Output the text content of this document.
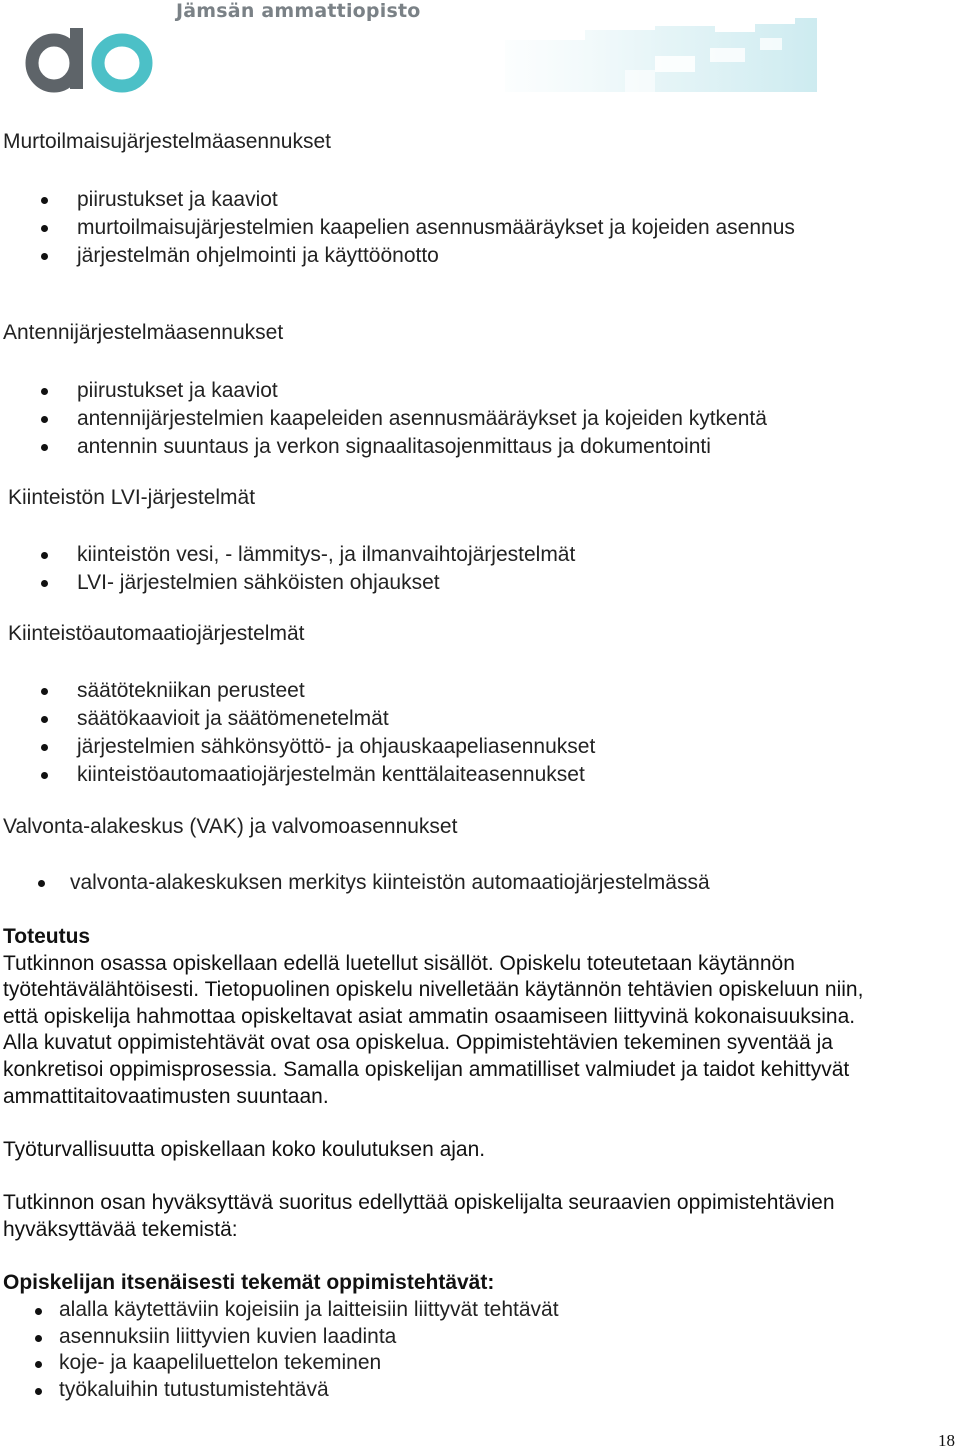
Jämsän ammattiopisto
Murtoilmaisujärjestelmäasennukset
piirustukset ja kaaviot
murtoilmaisujärjestelmien kaapelien asennusmääräykset ja kojeiden asennus
järjestelmän ohjelmointi ja käyttöönotto
Antennijärjestelmäasennukset
piirustukset ja kaaviot
antennijärjestelmien kaapeleiden asennusmääräykset ja kojeiden kytkentä
antennin suuntaus ja verkon signaalitasojenmittaus ja dokumentointi
Kiinteistön LVI-järjestelmät
kiinteistön vesi, - lämmitys-, ja ilmanvaihtojärjestelmät
LVI- järjestelmien sähköisten ohjaukset
Kiinteistöautomaatiojärjestelmät
säätötekniikan perusteet
säätökaavioit ja säätömenetelmät
järjestelmien sähkönsyöttö- ja ohjauskaapeliasennukset
kiinteistöautomaatiojärjestelmän kenttälaiteasennukset
Valvonta-alakeskus (VAK) ja valvomoasennukset
valvonta-alakeskuksen merkitys kiinteistön automaatiojärjestelmässä

Toteutus

Tutkinnon osassa opiskellaan edellä luetellut sisällöt. Opiskelu toteutetaan käytännön

työtehtävälähtöisesti. Tietopuolinen opiskelu nivelletään käytännön tehtävien opiskeluun niin,

että opiskelija hahmottaa opiskeltavat asiat ammatin osaamiseen liittyvinä kokonaisuuksina.

Alla kuvatut oppimistehtävät ovat osa opiskelua. Oppimistehtävien tekeminen syventää ja

konkretisoi oppimisprosessia. Samalla opiskelijan ammatilliset valmiudet ja taidot kehittyvät

ammattitaitovaatimusten suuntaan.

Työturvallisuutta opiskellaan koko koulutuksen ajan.

Tutkinnon osan hyväksyttävä suoritus edellyttää opiskelijalta seuraavien oppimistehtävien

hyväksyttävää tekemistä:

Opiskelijan itsenäisesti tekemät oppimistehtävät:

alalla käytettäviin kojeisiin ja laitteisiin liittyvät tehtävät
asennuksiin liittyvien kuvien laadinta
koje- ja kaapeliluettelon tekeminen
työkaluihin tutustumistehtävä
18
